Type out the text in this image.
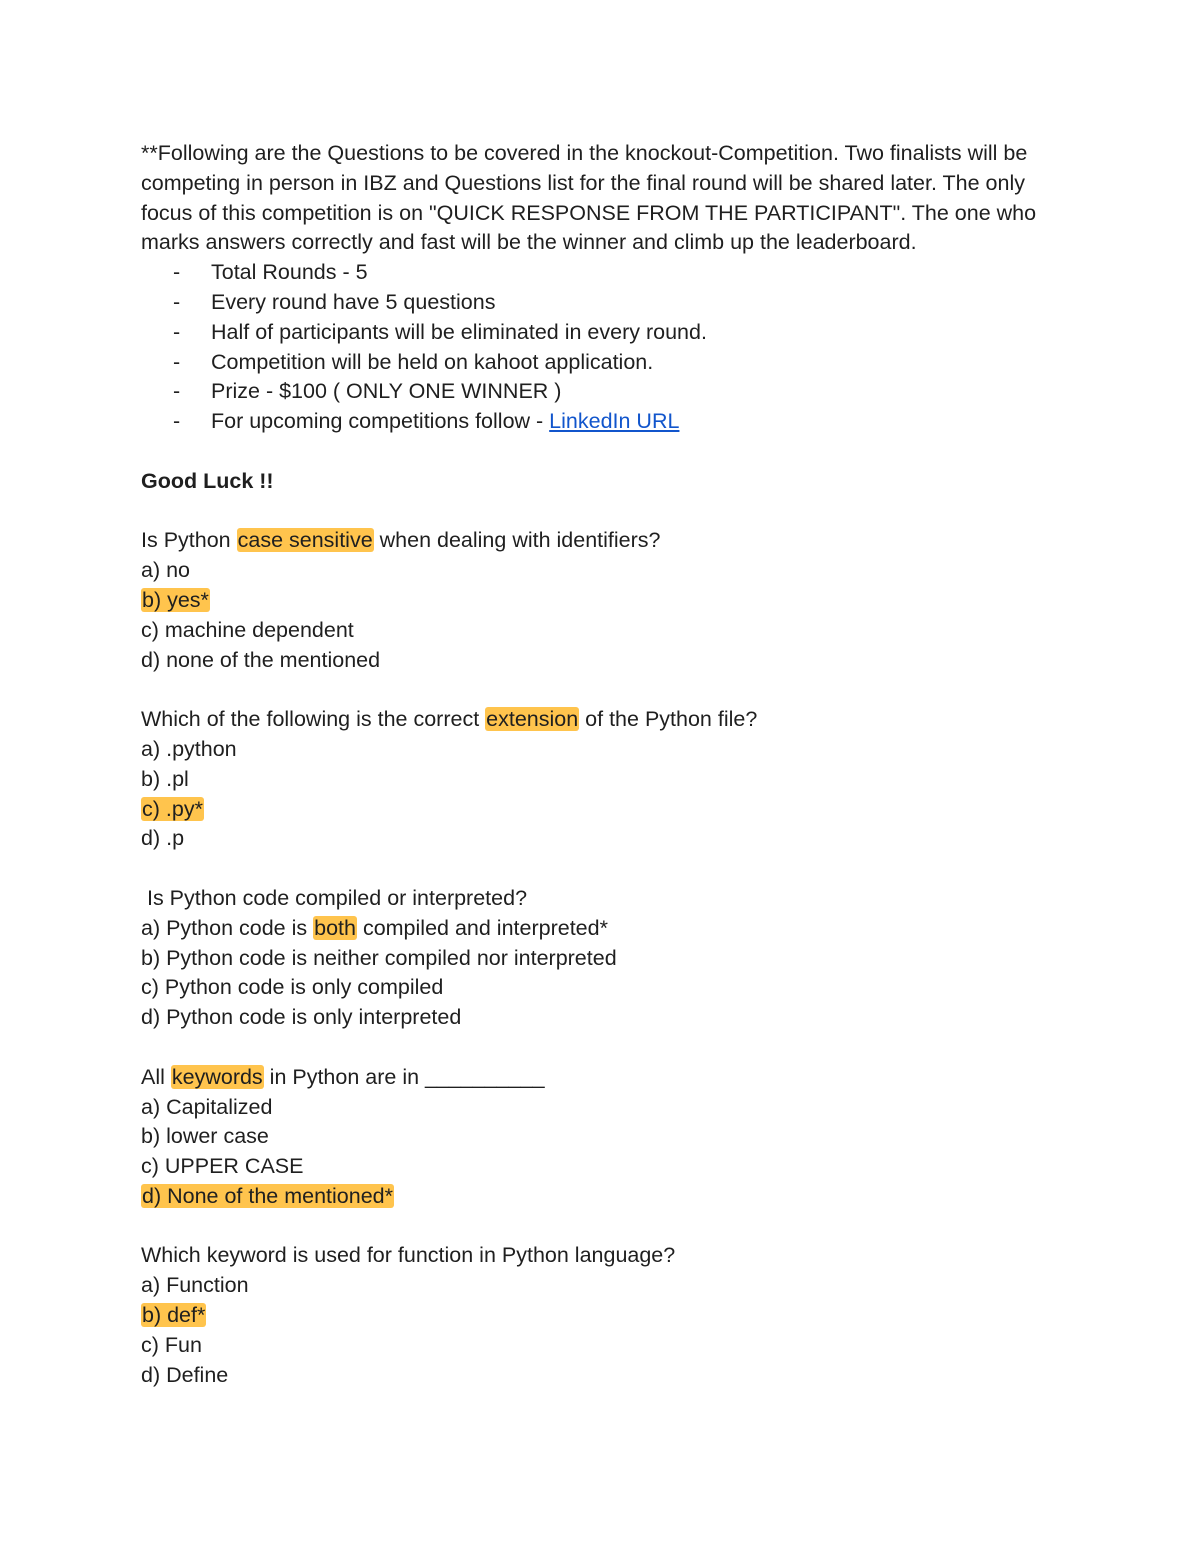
**Following are the Questions to be covered in the knockout-Competition. Two finalists will be competing in person in IBZ and Questions list for the final round will be shared later. The only focus of this competition is on "QUICK RESPONSE FROM THE PARTICIPANT". The one who marks answers correctly and fast will be the winner and climb up the leaderboard.

- Total Rounds - 5
- Every round have 5 questions
- Half of participants will be eliminated in every round.
- Competition will be held on kahoot application.
- Prize - $100 ( ONLY ONE WINNER )
- For upcoming competitions follow - LinkedIn URL
Good Luck !!
Is Python case sensitive when dealing with identifiers?
a) no
b) yes*
c) machine dependent
d) none of the mentioned
Which of the following is the correct extension of the Python file?
a) .python
b) .pl
c) .py*
d) .p
Is Python code compiled or interpreted?
a) Python code is both compiled and interpreted*
b) Python code is neither compiled nor interpreted
c) Python code is only compiled
d) Python code is only interpreted
All keywords in Python are in __________
a) Capitalized
b) lower case
c) UPPER CASE
d) None of the mentioned*
Which keyword is used for function in Python language?
a) Function
b) def*
c) Fun
d) Define
